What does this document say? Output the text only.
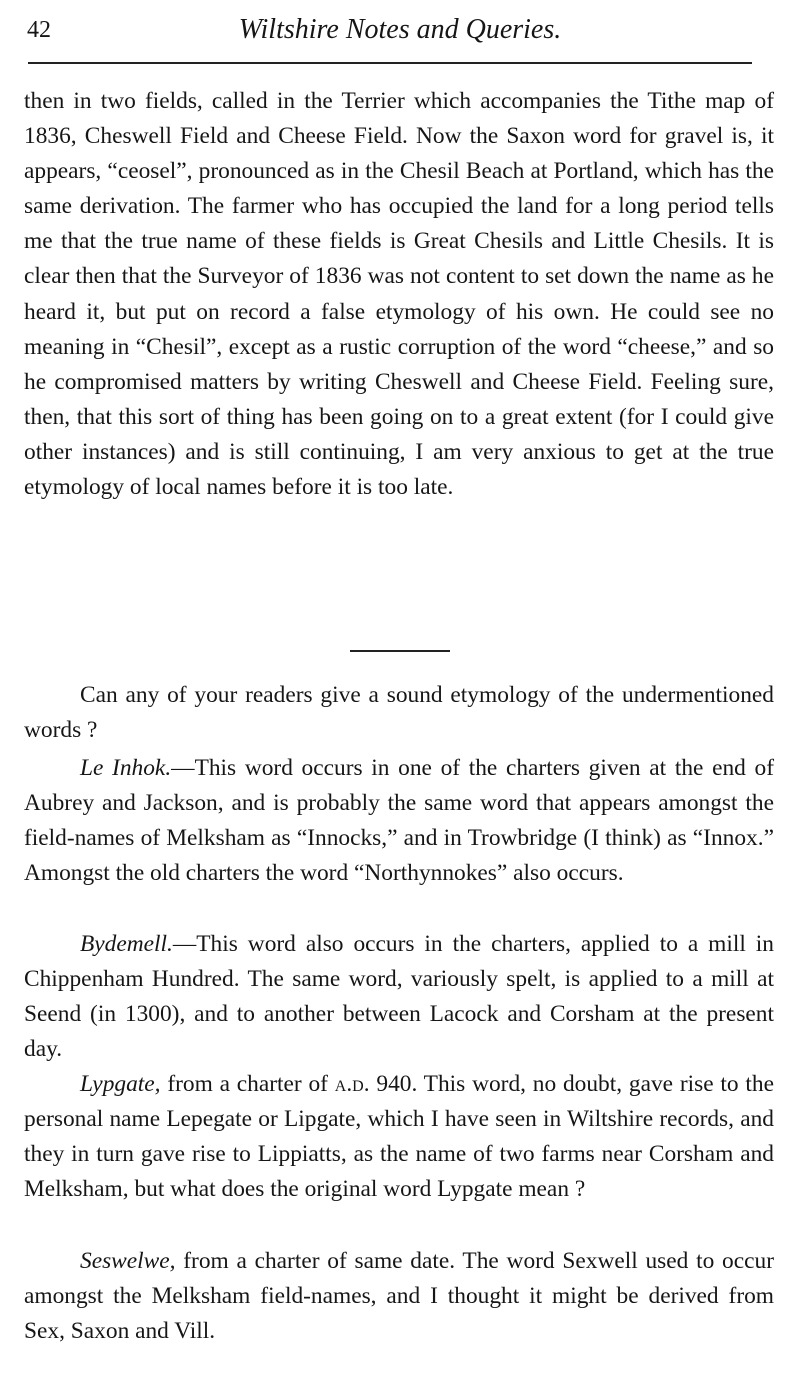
42	Wiltshire Notes and Queries.

then in two fields, called in the Terrier which accompanies the Tithe map of 1836, Cheswell Field and Cheese Field. Now the Saxon word for gravel is, it appears, “ceosel”, pronounced as in the Chesil Beach at Portland, which has the same derivation. The farmer who has occupied the land for a long period tells me that the true name of these fields is Great Chesils and Little Chesils. It is clear then that the Surveyor of 1836 was not content to set down the name as he heard it, but put on record a false etymology of his own. He could see no meaning in “Chesil”, except as a rustic corruption of the word “cheese,” and so he compromised matters by writing Cheswell and Cheese Field. Feeling sure, then, that this sort of thing has been going on to a great extent (for I could give other instances) and is still continuing, I am very anxious to get at the true etymology of local names before it is too late.

Can any of your readers give a sound etymology of the undermentioned words ?

Le Inhok.—This word occurs in one of the charters given at the end of Aubrey and Jackson, and is probably the same word that appears amongst the field-names of Melksham as “Innocks,” and in Trowbridge (I think) as “Innox.” Amongst the old charters the word “Northynnokes” also occurs.

Bydemell.—This word also occurs in the charters, applied to a mill in Chippenham Hundred. The same word, variously spelt, is applied to a mill at Seend (in 1300), and to another between Lacock and Corsham at the present day.

Lypgate, from a charter of a.d. 940. This word, no doubt, gave rise to the personal name Lepegate or Lipgate, which I have seen in Wiltshire records, and they in turn gave rise to Lippiatts, as the name of two farms near Corsham and Melksham, but what does the original word Lypgate mean ?

Seswelwe, from a charter of same date. The word Sexwell used to occur amongst the Melksham field-names, and I thought it might be derived from Sex, Saxon and Vill.
